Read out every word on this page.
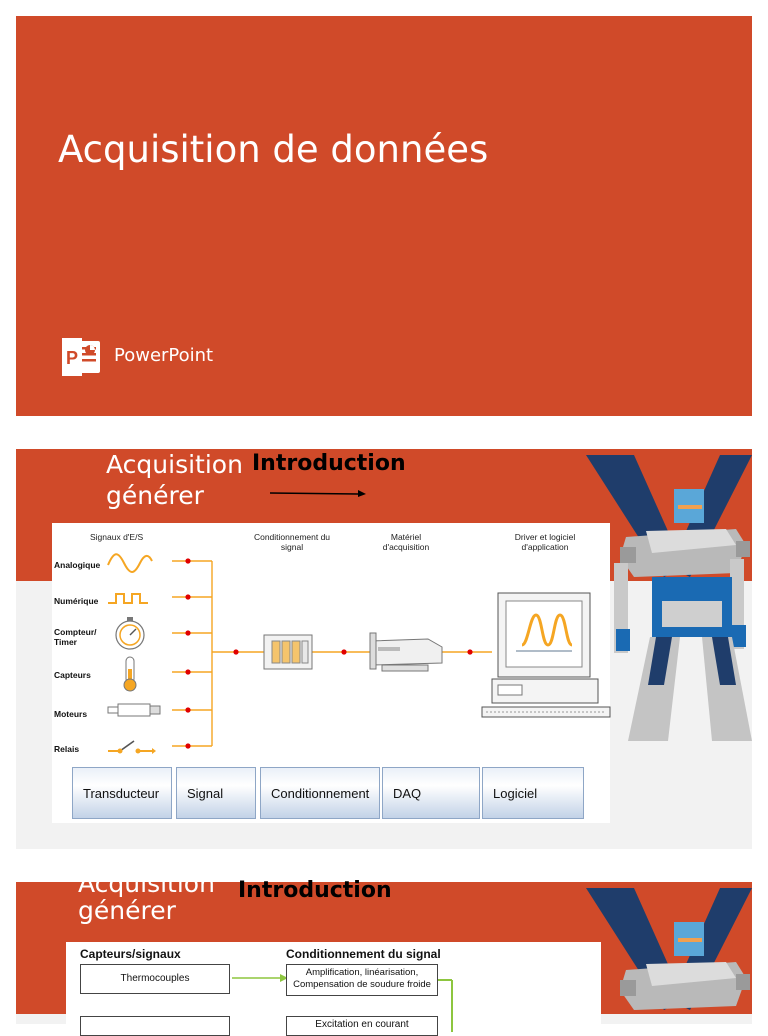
Acquisition de données
P PowerPoint
Acquisition
générer
Introduction
Signaux d'E/S	Conditionnement du signal
Matériel d'acquisition
Driver et logiciel d'application
Analogique
Numérique
Compteur/ Timer
Capteurs
Moteurs
Relais
Transducteur	Signal	Conditionnement	DAQ	Logiciel
Acquisition
générer
Introduction
Capteurs/signaux	Conditionnement du signal
Thermocouples
Amplification, linéarisation, Compensation de soudure froide
Excitation en courant
